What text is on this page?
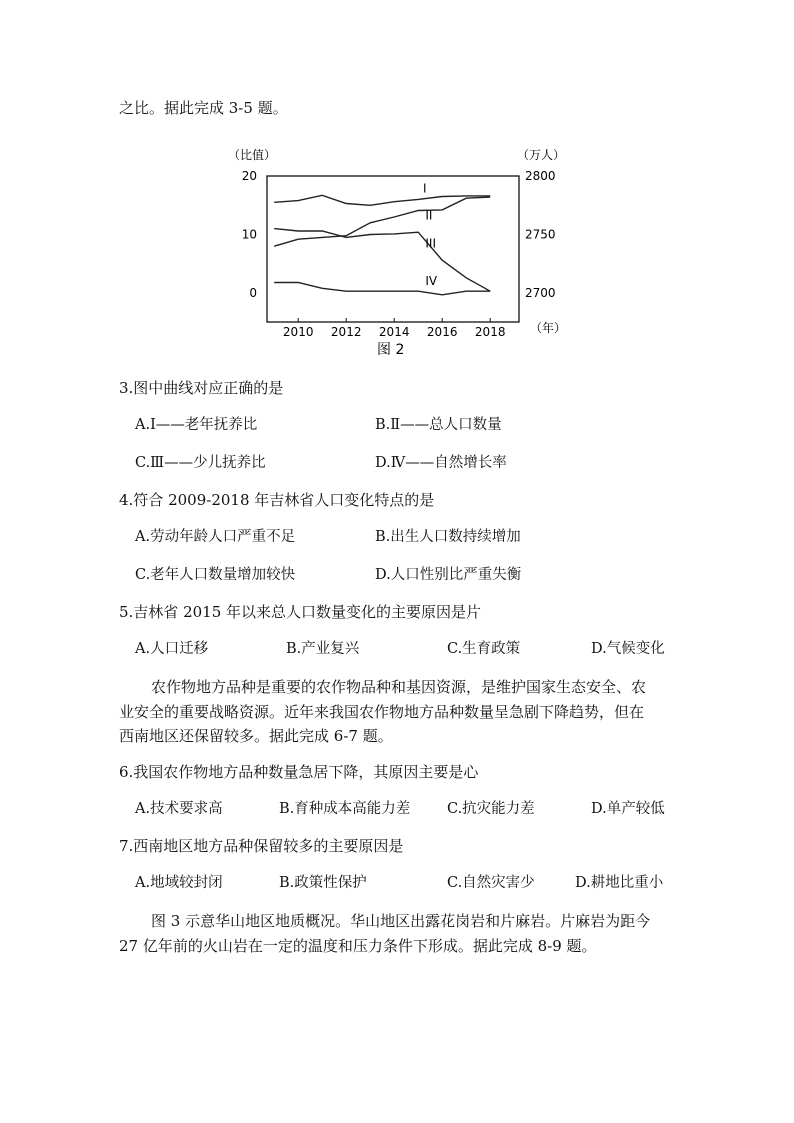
之比。据此完成 3-5 题。
（比值）	（万人）
20
10
0
2800
2750
2700
2010 2012 2014 2016 2018 （年）
I
II
III
IV
图 2
3.图中曲线对应正确的是
A.Ⅰ——老年抚养比	B.Ⅱ——总人口数量
C.Ⅲ——少儿抚养比	D.Ⅳ——自然增长率
4.符合 2009-2018 年吉林省人口变化特点的是
A.劳动年龄人口严重不足	B.出生人口数持续增加
C.老年人口数量增加较快	D.人口性别比严重失衡
5.吉林省 2015 年以来总人口数量变化的主要原因是片
A.人口迁移	B.产业复兴	C.生育政策	D.气候变化
农作物地方品种是重要的农作物品种和基因资源，是维护国家生态安全、农
业安全的重要战略资源。近年来我国农作物地方品种数量呈急剧下降趋势，但在
西南地区还保留较多。据此完成 6-7 题。
6.我国农作物地方品种数量急居下降，其原因主要是心
A.技术要求高	B.育种成本高能力差	C.抗灾能力差	D.单产较低
7.西南地区地方品种保留较多的主要原因是
A.地域较封闭	B.政策性保护	C.自然灾害少	D.耕地比重小
图 3 示意华山地区地质概况。华山地区出露花岗岩和片麻岩。片麻岩为距今
27 亿年前的火山岩在一定的温度和压力条件下形成。据此完成 8-9 题。
